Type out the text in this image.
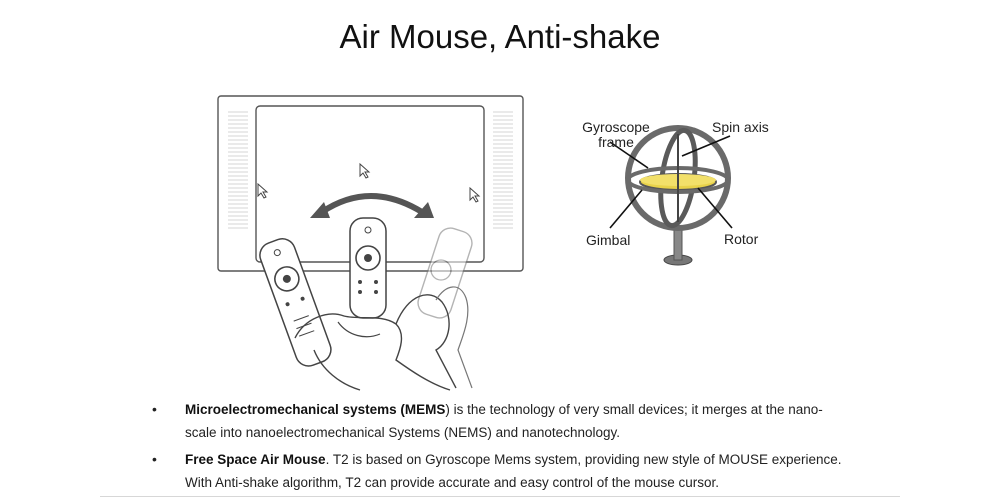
Air Mouse, Anti-shake
Gyroscope frame
Spin axis
Gimbal	Rotor
• Microelectromechanical systems (MEMS) is the technology of very small devices; it merges at the nano-scale into nanoelectromechanical Systems (NEMS) and nanotechnology.
• Free Space Air Mouse. T2 is based on Gyroscope Mems system, providing new style of MOUSE experience. With Anti-shake algorithm, T2 can provide accurate and easy control of the mouse cursor.
